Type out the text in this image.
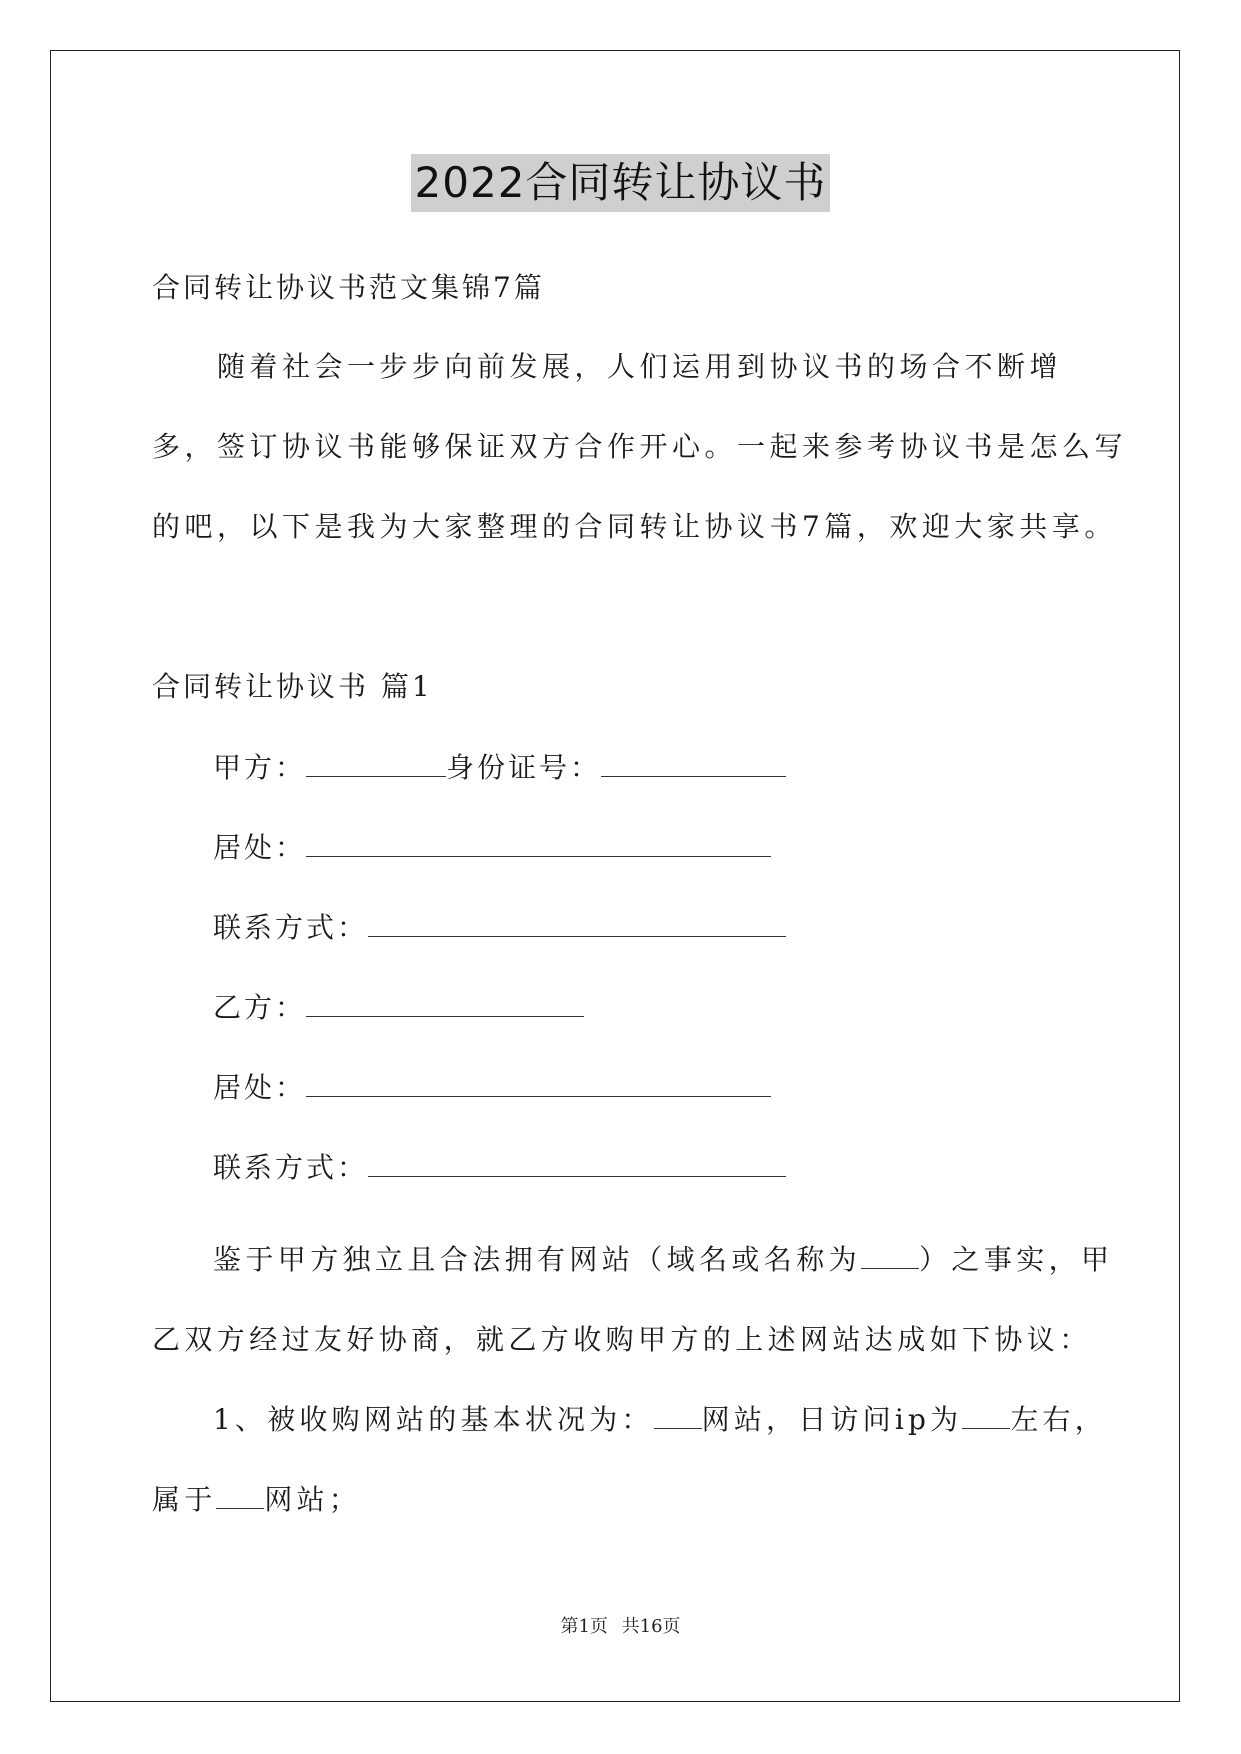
2022合同转让协议书
合同转让协议书范文集锦7篇
　　随着社会一步步向前发展，人们运用到协议书的场合不断增
多，签订协议书能够保证双方合作开心。一起来参考协议书是怎么写
的吧，以下是我为大家整理的合同转让协议书7篇，欢迎大家共享。
合同转让协议书 篇1
甲方：	身份证号：
居处：
联系方式：
乙方：
居处：
联系方式：
鉴于甲方独立且合法拥有网站（域名或名称为 ）之事实，甲
乙双方经过友好协商，就乙方收购甲方的上述网站达成如下协议：
1、被收购网站的基本状况为： 网站，日访问ip为 左右，
属于 网站；
第1页 共16页
